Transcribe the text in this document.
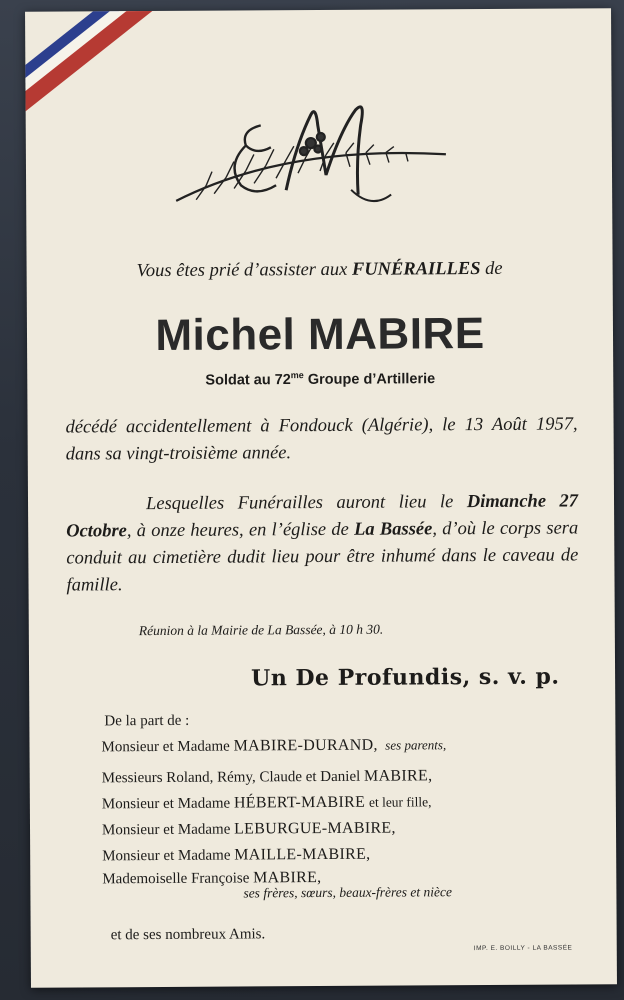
Vous êtes prié d’assister aux FUNÉRAILLES de
Michel MABIRE
Soldat au $72^{me}$ Groupe d’Artillerie
décédé accidentellement à Fondouck (Algérie), le 13 Août 1957, dans sa vingt-troisième année.
Lesquelles Funérailles auront lieu le Dimanche 27 Octobre, à onze heures, en l’église de La Bassée, d’où le corps sera conduit au cimetière dudit lieu pour être inhumé dans le caveau de famille.
Réunion à la Mairie de La Bassée, à 10 h 30.
Un De Profundis, s. v. p.
De la part de :
Monsieur et Madame MABIRE-DURAND, ses parents,
Messieurs Roland, Rémy, Claude et Daniel MABIRE,
Monsieur et Madame HÉBERT-MABIRE et leur fille,
Monsieur et Madame LEBURGUE-MABIRE,
Monsieur et Madame MAILLE-MABIRE,
Mademoiselle Françoise MABIRE,
ses frères, sœurs, beaux-frères et nièce
et de ses nombreux Amis.
IMP. E. BOILLY - LA BASSÉE
